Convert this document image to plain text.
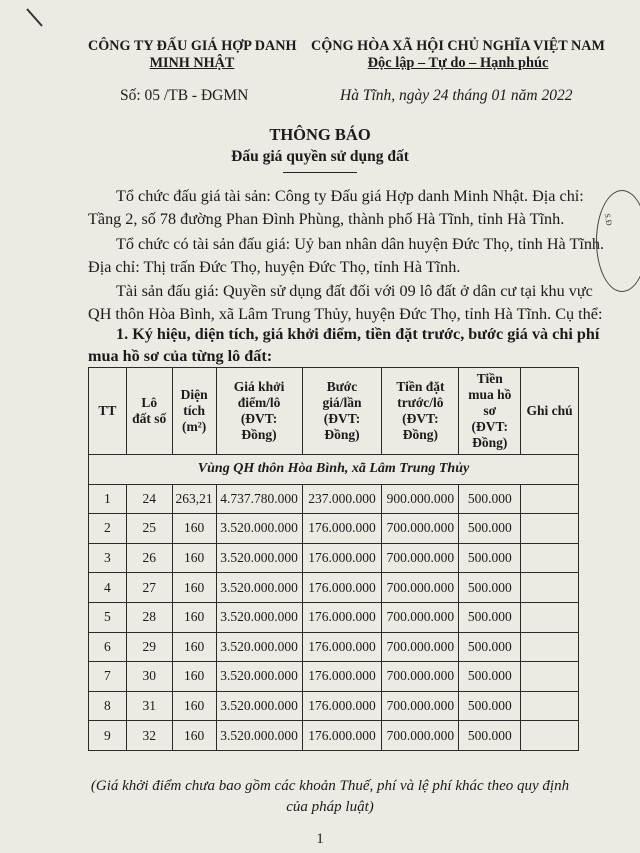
CÔNG TY ĐẤU GIÁ HỢP DANH
MINH NHẬT
CỘNG HÒA XÃ HỘI CHỦ NGHĨA VIỆT NAM
Độc lập – Tự do – Hạnh phúc
Số: 05 /TB - ĐGMN	Hà Tĩnh, ngày 24 tháng 01 năm 2022
THÔNG BÁO
Đấu giá quyền sử dụng đất

Tổ chức đấu giá tài sản: Công ty Đấu giá Hợp danh Minh Nhật. Địa chỉ:

Tầng 2, số 78 đường Phan Đình Phùng, thành phố Hà Tĩnh, tỉnh Hà Tĩnh.

Tổ chức có tài sản đấu giá: Uỷ ban nhân dân huyện Đức Thọ, tỉnh Hà Tĩnh.

Địa chỉ: Thị trấn Đức Thọ, huyện Đức Thọ, tỉnh Hà Tĩnh.

Tài sản đấu giá: Quyền sử dụng đất đối với 09 lô đất ở dân cư tại khu vực

QH thôn Hòa Bình, xã Lâm Trung Thủy, huyện Đức Thọ, tỉnh Hà Tĩnh. Cụ thể:

1. Ký hiệu, diện tích, giá khởi điểm, tiền đặt trước, bước giá và chi phí

mua hồ sơ của từng lô đất:

TT	Lô
đất số	Diện
tích
(m²)	Giá khởi
điểm/lô
(ĐVT:
Đồng)	Bước
giá/lần
(ĐVT:
Đồng)	Tiền đặt
trước/lô
(ĐVT:
Đồng)	Tiền
mua hồ
sơ
(ĐVT:
Đồng)	Ghi chú
Vùng QH thôn Hòa Bình, xã Lâm Trung Thủy							
1	24	263,21	4.737.780.000	237.000.000	900.000.000	500.000	
2	25	160	3.520.000.000	176.000.000	700.000.000	500.000	
3	26	160	3.520.000.000	176.000.000	700.000.000	500.000	
4	27	160	3.520.000.000	176.000.000	700.000.000	500.000	
5	28	160	3.520.000.000	176.000.000	700.000.000	500.000	
6	29	160	3.520.000.000	176.000.000	700.000.000	500.000	
7	30	160	3.520.000.000	176.000.000	700.000.000	500.000	
8	31	160	3.520.000.000	176.000.000	700.000.000	500.000	
9	32	160	3.520.000.000	176.000.000	700.000.000	500.000	
(Giá khởi điểm chưa bao gồm các khoản Thuế, phí và lệ phí khác theo quy định
của pháp luật)
1
S.Đ
